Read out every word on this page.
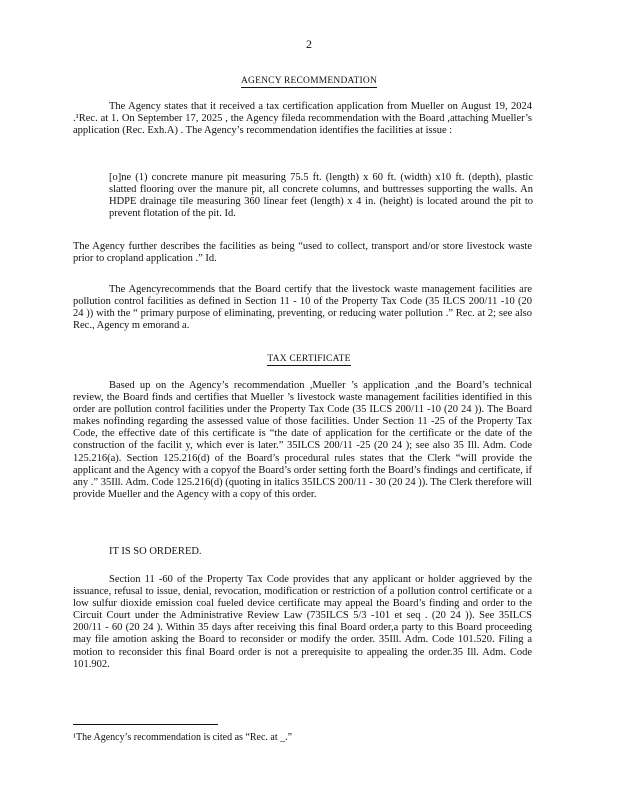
2
AGENCY RECOMMENDATION

The Agency states that it received a tax certification application from Mueller on August 19, 2024 .¹Rec. at 1. On September 17, 2025 , the Agency fileda recommendation with the Board ,attaching Mueller’s application (Rec. Exh.A) . The Agency’s recommendation identifies the facilities at issue :

[o]ne (1) concrete manure pit measuring 75.5 ft. (length) x 60 ft. (width) x10 ft. (depth), plastic slatted flooring over the manure pit, all concrete columns, and buttresses supporting the walls. An HDPE drainage tile measuring 360 linear feet (length) x 4 in. (height) is located around the pit to prevent flotation of the pit. Id.

The Agency further describes the facilities as being “used to collect, transport and/or store livestock waste prior to cropland application .” Id.

The Agencyrecommends that the Board certify that the livestock waste management facilities are pollution control facilities as defined in Section 11 - 10 of the Property Tax Code (35 ILCS 200/11 -10 (20 24 )) with the “ primary purpose of eliminating, preventing, or reducing water pollution .” Rec. at 2; see also Rec., Agency m emorand a.

TAX CERTIFICATE

Based up on the Agency’s recommendation ,Mueller ’s application ,and the Board’s technical review, the Board finds and certifies that Mueller ’s livestock waste management facilities identified in this order are pollution control facilities under the Property Tax Code (35 ILCS 200/11 -10 (20 24 )). The Board makes nofinding regarding the assessed value of those facilities. Under Section 11 -25 of the Property Tax Code, the effective date of this certificate is “the date of application for the certificate or the date of the construction of the facilit y, which ever is later.” 35ILCS 200/11 -25 (20 24 ); see also 35 Ill. Adm. Code 125.216(a). Section 125.216(d) of the Board’s procedural rules states that the Clerk “will provide the applicant and the Agency with a copyof the Board’s order setting forth the Board’s findings and certificate, if any .” 35Ill. Adm. Code 125.216(d) (quoting in italics 35ILCS 200/11 - 30 (20 24 )). The Clerk therefore will provide Mueller and the Agency with a copy of this order.

IT IS SO ORDERED.

Section 11 -60 of the Property Tax Code provides that any applicant or holder aggrieved by the issuance, refusal to issue, denial, revocation, modification or restriction of a pollution control certificate or a low sulfur dioxide emission coal fueled device certificate may appeal the Board’s finding and order to the Circuit Court under the Administrative Review Law (735ILCS 5/3 -101 et seq . (20 24 )). See 35ILCS 200/11 - 60 (20 24 ). Within 35 days after receiving this final Board order,a party to this Board proceeding may file amotion asking the Board to reconsider or modify the order. 35Ill. Adm. Code 101.520. Filing a motion to reconsider this final Board order is not a prerequisite to appealing the order.35 Ill. Adm. Code 101.902.

¹The Agency’s recommendation is cited as “Rec. at _.”
